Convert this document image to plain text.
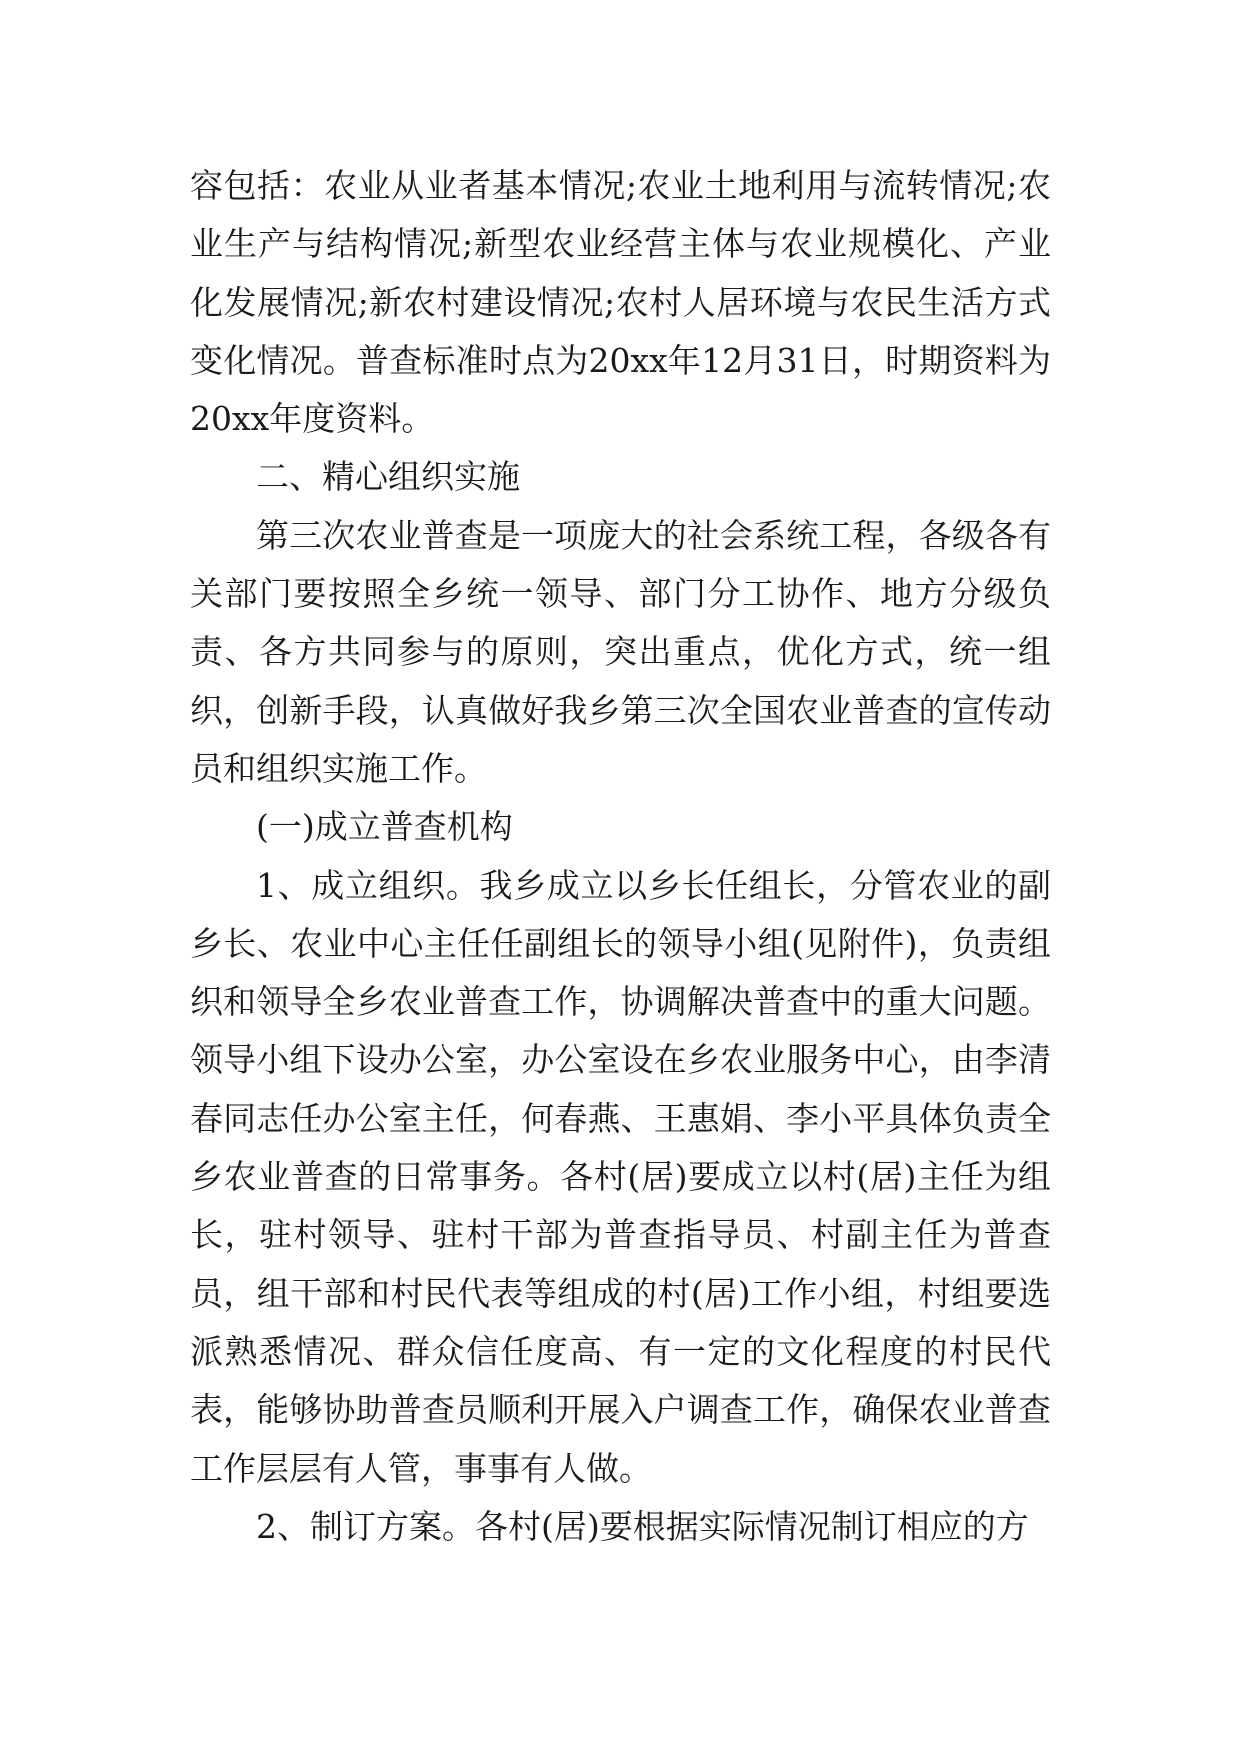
容包括：农业从业者基本情况;农业土地利用与流转情况;农业生产与结构情况;新型农业经营主体与农业规模化、产业化发展情况;新农村建设情况;农村人居环境与农民生活方式变化情况。普查标准时点为20xx年12月31日，时期资料为20xx年度资料。

二、精心组织实施

第三次农业普查是一项庞大的社会系统工程，各级各有关部门要按照全乡统一领导、部门分工协作、地方分级负责、各方共同参与的原则，突出重点，优化方式，统一组织，创新手段，认真做好我乡第三次全国农业普查的宣传动员和组织实施工作。

(一)成立普查机构

1、成立组织。我乡成立以乡长任组长，分管农业的副乡长、农业中心主任任副组长的领导小组(见附件)，负责组织和领导全乡农业普查工作，协调解决普查中的重大问题。领导小组下设办公室，办公室设在乡农业服务中心，由李清春同志任办公室主任，何春燕、王惠娟、李小平具体负责全乡农业普查的日常事务。各村(居)要成立以村(居)主任为组长，驻村领导、驻村干部为普查指导员、村副主任为普查员，组干部和村民代表等组成的村(居)工作小组，村组要选派熟悉情况、群众信任度高、有一定的文化程度的村民代表，能够协助普查员顺利开展入户调查工作，确保农业普查工作层层有人管，事事有人做。

2、制订方案。各村(居)要根据实际情况制订相应的方
